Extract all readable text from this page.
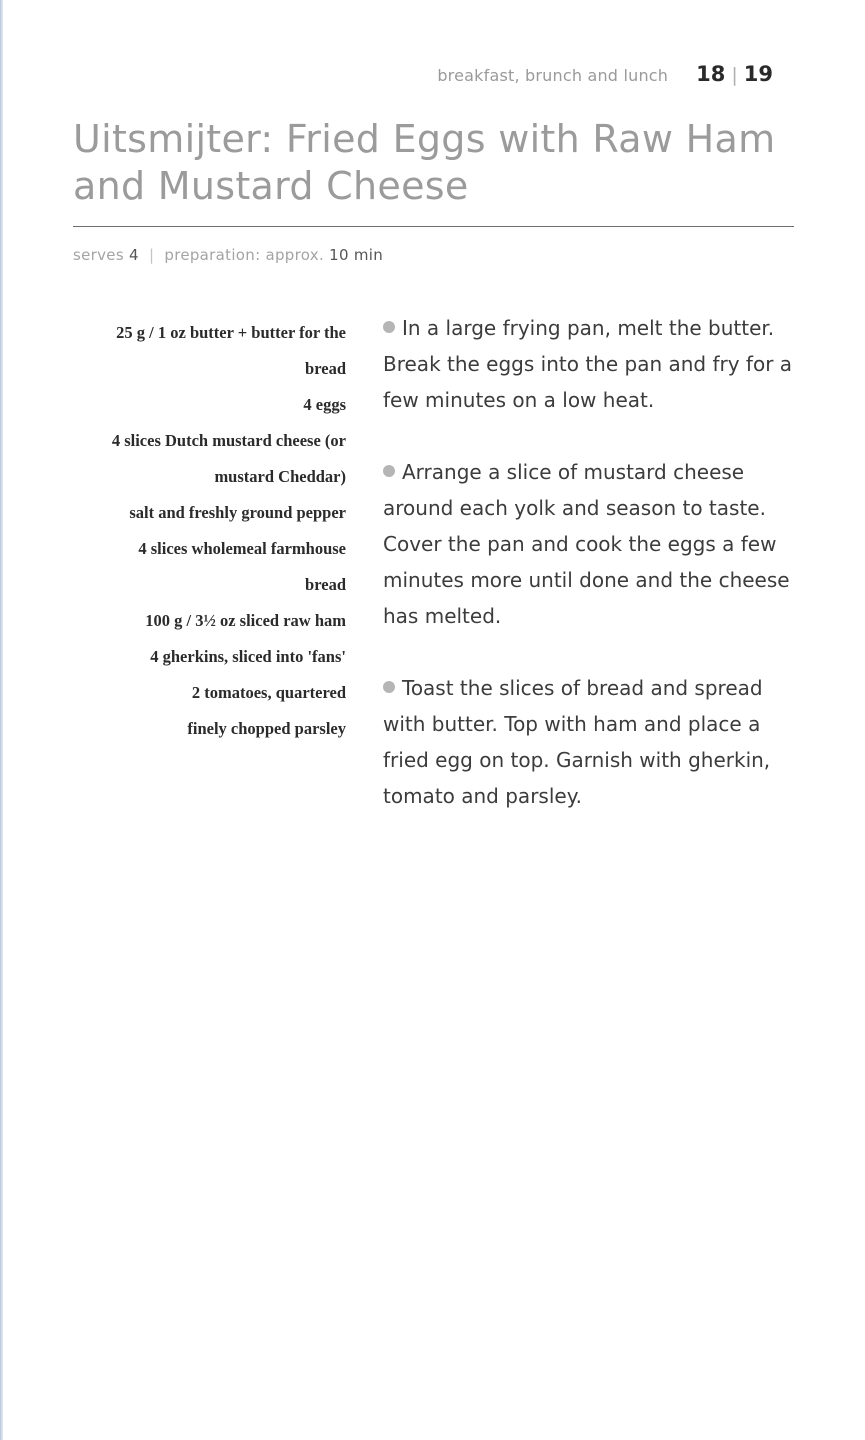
breakfast, brunch and lunch 18 | 19
Uitsmijter: Fried Eggs with Raw Ham and Mustard Cheese
serves 4 | preparation: approx. 10 min
25 g / 1 oz butter + butter for the bread
4 eggs
4 slices Dutch mustard cheese (or mustard Cheddar)
salt and freshly ground pepper
4 slices wholemeal farmhouse bread
100 g / 3½ oz sliced raw ham
4 gherkins, sliced into 'fans'
2 tomatoes, quartered
finely chopped parsley

In a large frying pan, melt the butter. Break the eggs into the pan and fry for a few minutes on a low heat.

Arrange a slice of mustard cheese around each yolk and season to taste. Cover the pan and cook the eggs a few minutes more until done and the cheese has melted.

Toast the slices of bread and spread with butter. Top with ham and place a fried egg on top. Garnish with gherkin, tomato and parsley.
